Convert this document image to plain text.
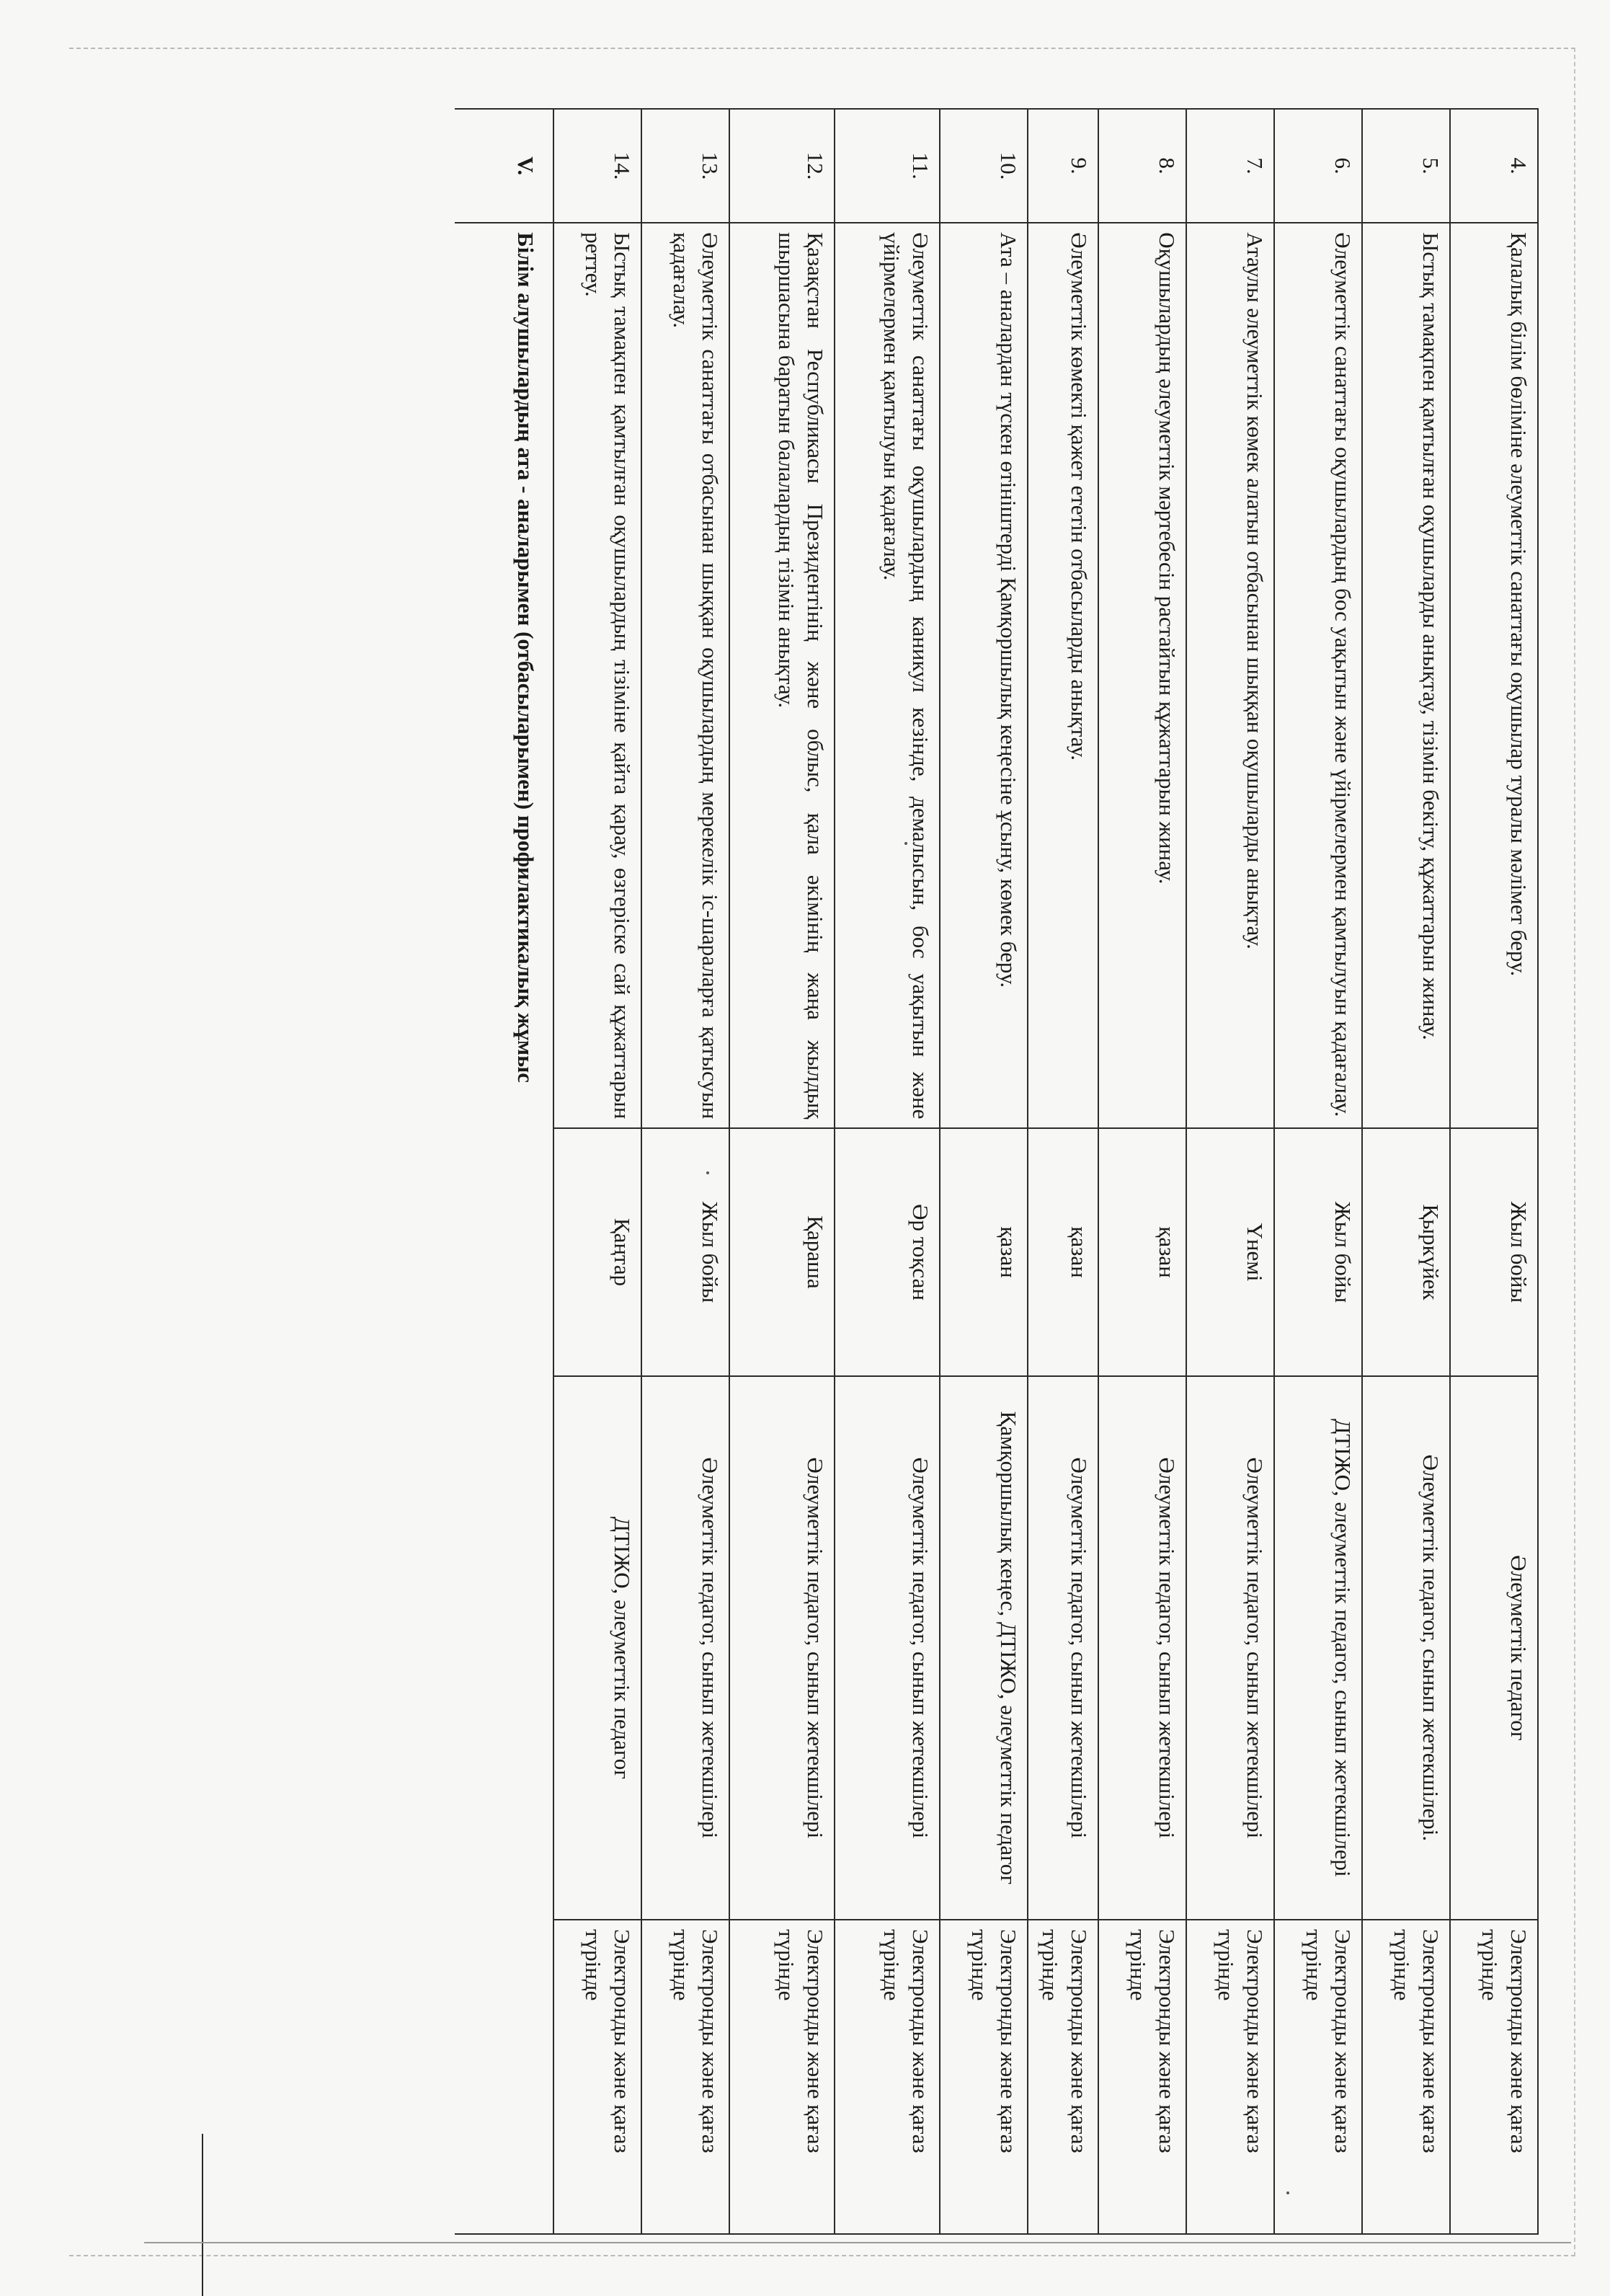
4.	Қалалық білім бөліміне әлеуметтік санаттағы оқушылар туралы мәлімет беру.	Жыл бойы	Әлеуметтік педагог	Электронды және қағаз түрінде
5.	Ыстық тамақпен қамтылған оқушыларды анықтау, тізімін бекіту, құжаттарын жинау.	Қыркүйек	Әлеуметтік педагог, сынып жетекшілері.	Электронды және қағаз түрінде
6.	Әлеуметтік санаттағы оқушылардың бос уақытын және үйірмелермен қамтылуын қадағалау.	Жыл бойы	ДТІЖО, әлеуметтік педагог, сынып жетекшілері	Электронды және қағаз түрінде
7.	Атаулы әлеуметтік көмек алатын отбасынан шыққан оқушыларды анықтау.	Үнемі	Әлеуметтік педагог, сынып жетекшілері	Электронды және қағаз түрінде
8.	Оқушылардың әлеуметтік мәртебесін растайтын құжаттарын жинау.	қазан	Әлеуметтік педагог, сынып жетекшілері	Электронды және қағаз түрінде
9.	Әлеуметтік көмекті қажет ететін отбасыларды анықтау.	қазан	Әлеуметтік педагог, сынып жетекшілері	Электронды және қағаз түрінде
10.	Ата – аналардан түскен өтініштерді Қамқоршылық кеңесіне ұсыну, көмек беру.	қазан	Қамқоршылық кеңес, ДТІЖО, әлеуметтік педагог	Электронды және қағаз түрінде
11.	Әлеуметтік санаттағы оқушылардың каникул кезінде, демалысын, бос уақытын және үйірмелермен қамтылуын қадағалау.	Әр тоқсан	Әлеуметтік педагог, сынып жетекшілері	Электронды және қағаз түрінде
12.	Қазақстан Республикасы Президентінің және облыс, қала әкімінің жаңа жылдық шыршасына баратын балалардың тізімін анықтау.	Қараша	Әлеуметтік педагог, сынып жетекшілері	Электронды және қағаз түрінде
13.	Әлеуметтік санаттағы отбасынан шыққан оқушылардың мерекелік іс-шараларға қатысуын қадағалау.	Жыл бойы	Әлеуметтік педагог, сынып жетекшілері	Электронды және қағаз түрінде
14.	Ыстық тамақпен қамтылған оқушылардың тізіміне қайта қарау, өзгеріске сай құжаттарын реттеу.	Қаңтар	ДТІЖО, әлеуметтік педагог	Электронды және қағаз түрінде
V.	Білім алушылардың ата - аналарымен (отбасыларымен) профилактикалық жұмыс			
